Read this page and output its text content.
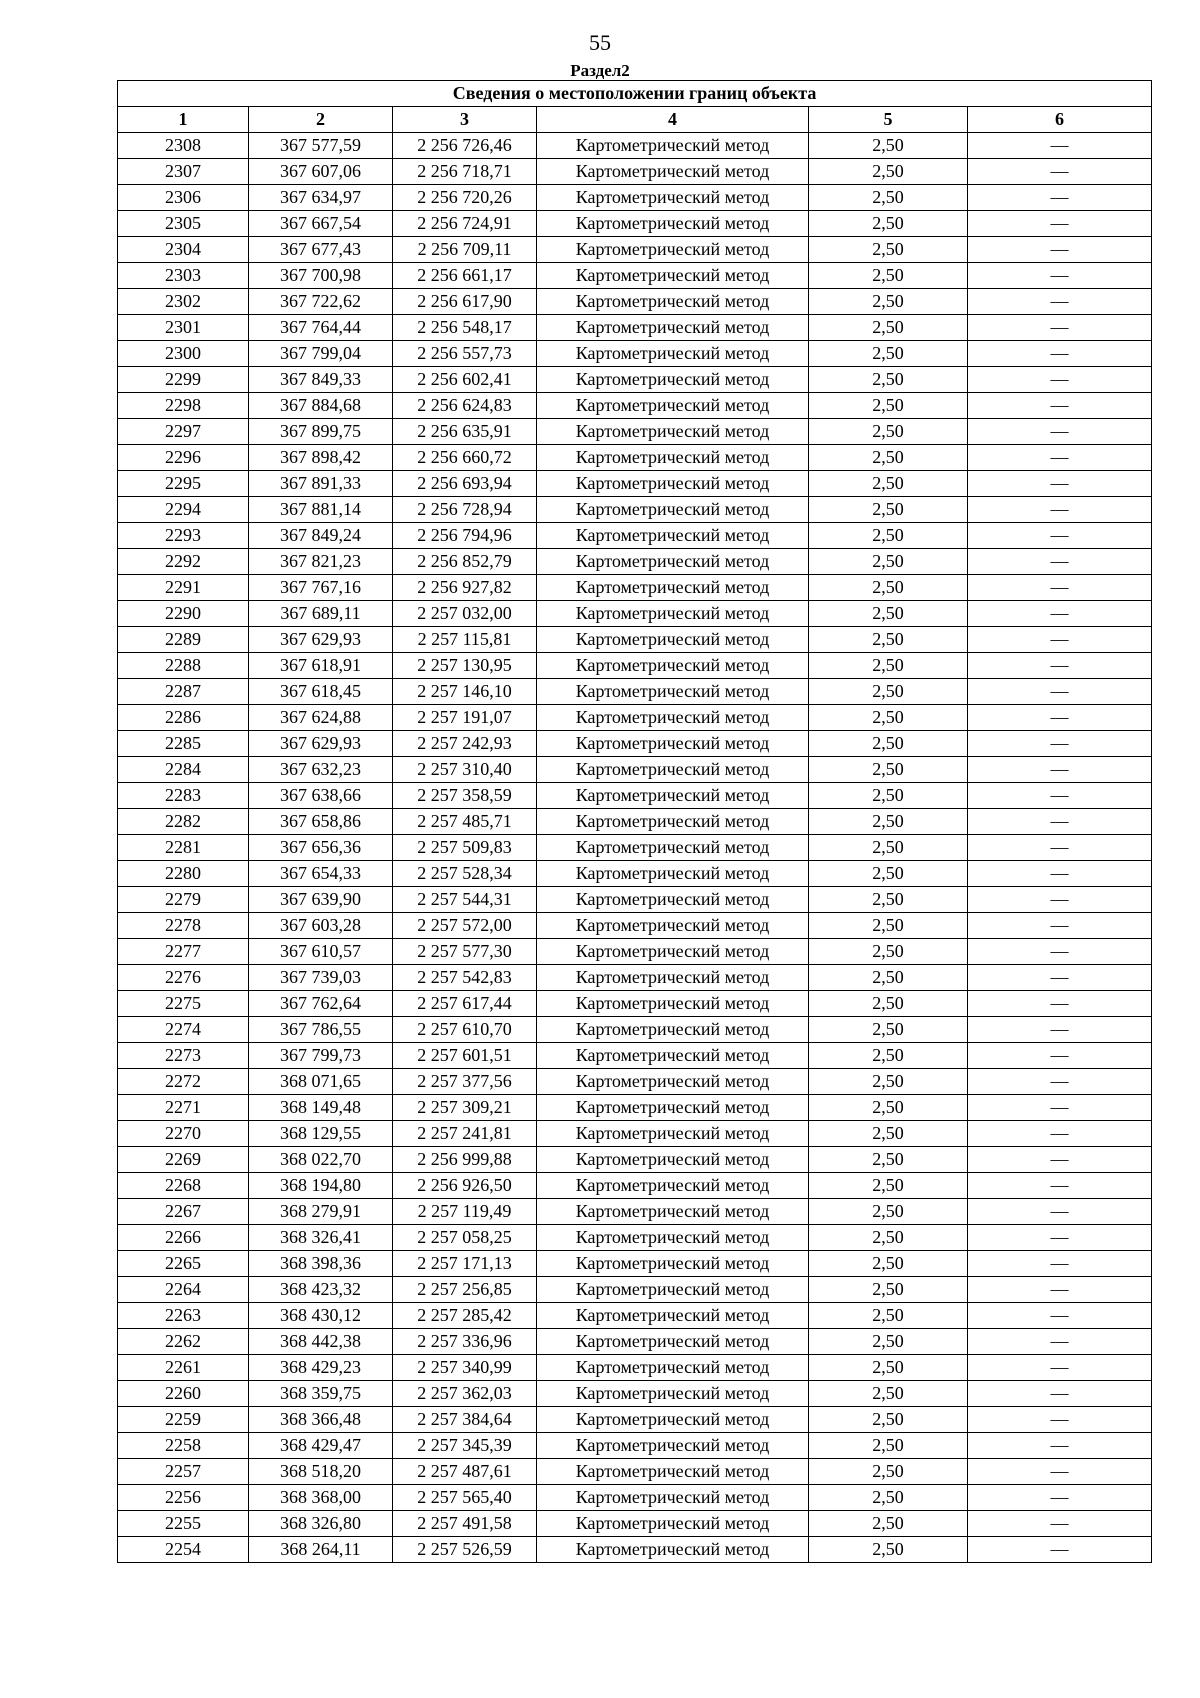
55
Раздел2
Сведения о местоположении границ объекта					
1	2	3	4	5	6
2308	367 577,59	2 256 726,46	Картометрический метод	2,50	—
2307	367 607,06	2 256 718,71	Картометрический метод	2,50	—
2306	367 634,97	2 256 720,26	Картометрический метод	2,50	—
2305	367 667,54	2 256 724,91	Картометрический метод	2,50	—
2304	367 677,43	2 256 709,11	Картометрический метод	2,50	—
2303	367 700,98	2 256 661,17	Картометрический метод	2,50	—
2302	367 722,62	2 256 617,90	Картометрический метод	2,50	—
2301	367 764,44	2 256 548,17	Картометрический метод	2,50	—
2300	367 799,04	2 256 557,73	Картометрический метод	2,50	—
2299	367 849,33	2 256 602,41	Картометрический метод	2,50	—
2298	367 884,68	2 256 624,83	Картометрический метод	2,50	—
2297	367 899,75	2 256 635,91	Картометрический метод	2,50	—
2296	367 898,42	2 256 660,72	Картометрический метод	2,50	—
2295	367 891,33	2 256 693,94	Картометрический метод	2,50	—
2294	367 881,14	2 256 728,94	Картометрический метод	2,50	—
2293	367 849,24	2 256 794,96	Картометрический метод	2,50	—
2292	367 821,23	2 256 852,79	Картометрический метод	2,50	—
2291	367 767,16	2 256 927,82	Картометрический метод	2,50	—
2290	367 689,11	2 257 032,00	Картометрический метод	2,50	—
2289	367 629,93	2 257 115,81	Картометрический метод	2,50	—
2288	367 618,91	2 257 130,95	Картометрический метод	2,50	—
2287	367 618,45	2 257 146,10	Картометрический метод	2,50	—
2286	367 624,88	2 257 191,07	Картометрический метод	2,50	—
2285	367 629,93	2 257 242,93	Картометрический метод	2,50	—
2284	367 632,23	2 257 310,40	Картометрический метод	2,50	—
2283	367 638,66	2 257 358,59	Картометрический метод	2,50	—
2282	367 658,86	2 257 485,71	Картометрический метод	2,50	—
2281	367 656,36	2 257 509,83	Картометрический метод	2,50	—
2280	367 654,33	2 257 528,34	Картометрический метод	2,50	—
2279	367 639,90	2 257 544,31	Картометрический метод	2,50	—
2278	367 603,28	2 257 572,00	Картометрический метод	2,50	—
2277	367 610,57	2 257 577,30	Картометрический метод	2,50	—
2276	367 739,03	2 257 542,83	Картометрический метод	2,50	—
2275	367 762,64	2 257 617,44	Картометрический метод	2,50	—
2274	367 786,55	2 257 610,70	Картометрический метод	2,50	—
2273	367 799,73	2 257 601,51	Картометрический метод	2,50	—
2272	368 071,65	2 257 377,56	Картометрический метод	2,50	—
2271	368 149,48	2 257 309,21	Картометрический метод	2,50	—
2270	368 129,55	2 257 241,81	Картометрический метод	2,50	—
2269	368 022,70	2 256 999,88	Картометрический метод	2,50	—
2268	368 194,80	2 256 926,50	Картометрический метод	2,50	—
2267	368 279,91	2 257 119,49	Картометрический метод	2,50	—
2266	368 326,41	2 257 058,25	Картометрический метод	2,50	—
2265	368 398,36	2 257 171,13	Картометрический метод	2,50	—
2264	368 423,32	2 257 256,85	Картометрический метод	2,50	—
2263	368 430,12	2 257 285,42	Картометрический метод	2,50	—
2262	368 442,38	2 257 336,96	Картометрический метод	2,50	—
2261	368 429,23	2 257 340,99	Картометрический метод	2,50	—
2260	368 359,75	2 257 362,03	Картометрический метод	2,50	—
2259	368 366,48	2 257 384,64	Картометрический метод	2,50	—
2258	368 429,47	2 257 345,39	Картометрический метод	2,50	—
2257	368 518,20	2 257 487,61	Картометрический метод	2,50	—
2256	368 368,00	2 257 565,40	Картометрический метод	2,50	—
2255	368 326,80	2 257 491,58	Картометрический метод	2,50	—
2254	368 264,11	2 257 526,59	Картометрический метод	2,50	—
